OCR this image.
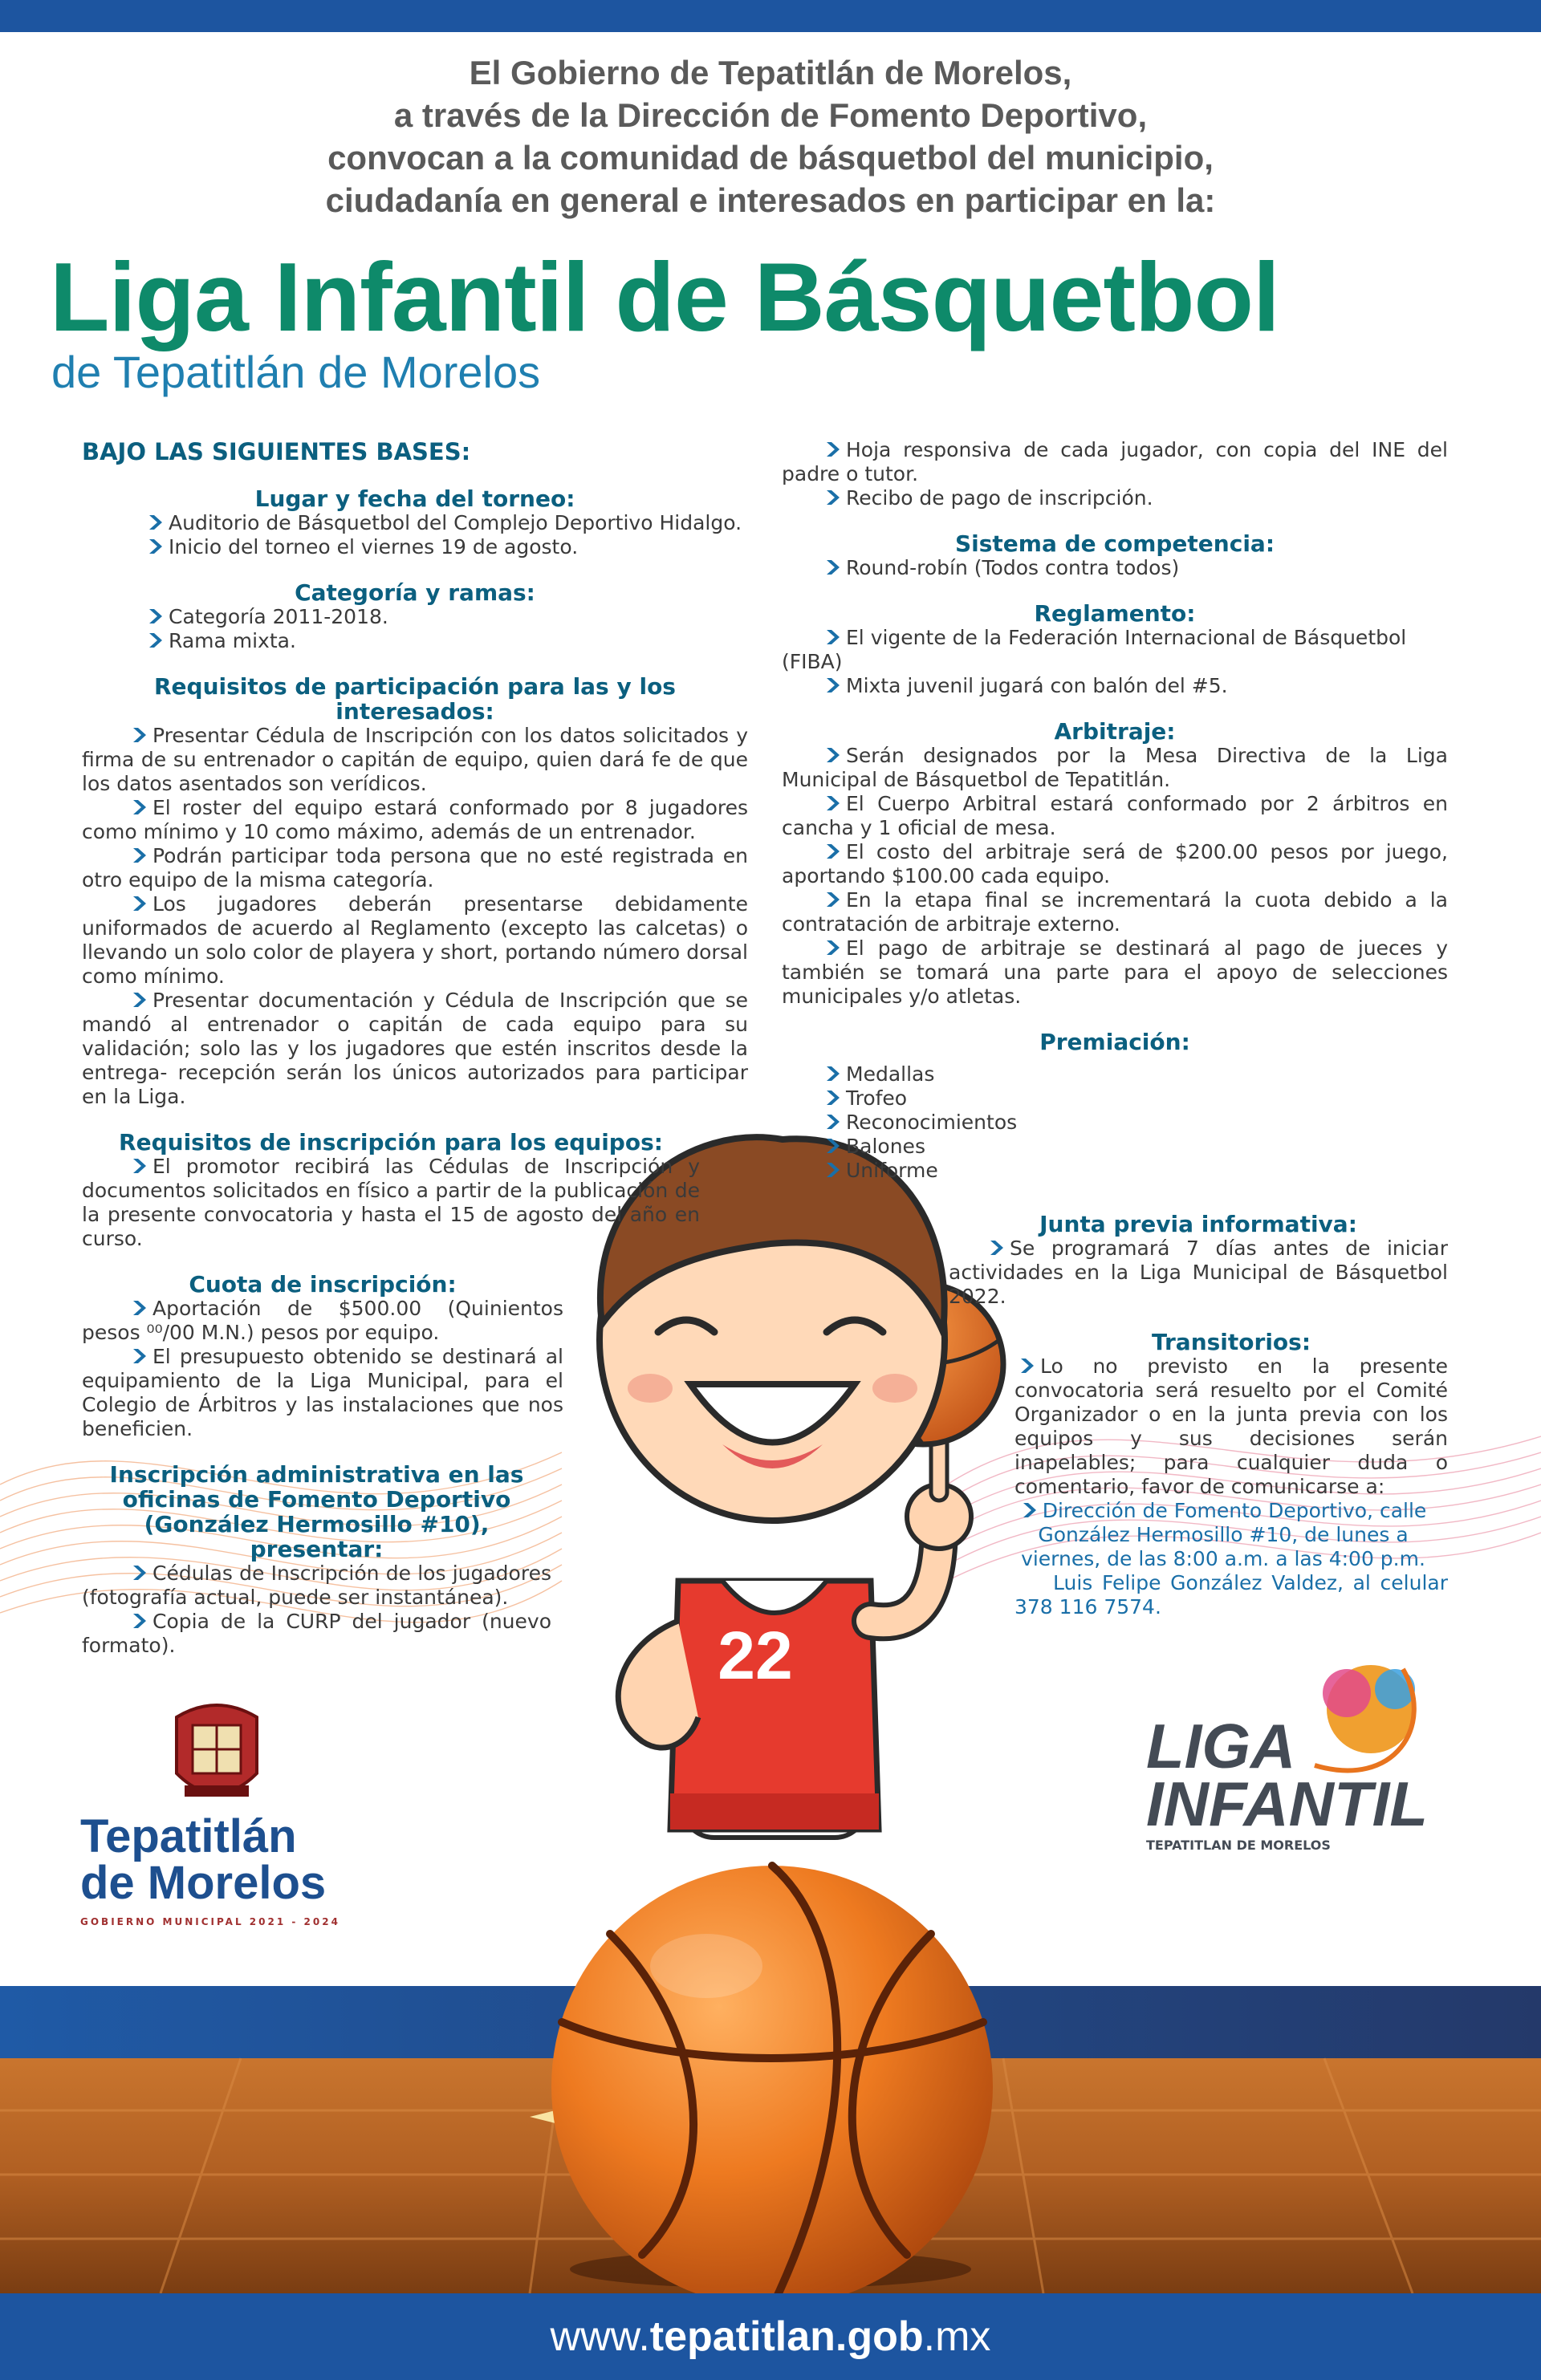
22
El Gobierno de Tepatitlán de Morelos,
a través de la Dirección de Fomento Deportivo,
convocan a la comunidad de básquetbol del municipio,
ciudadanía en general e interesados en participar en la:
Liga Infantil de Básquetbol
de Tepatitlán de Morelos
BAJO LAS SIGUIENTES BASES:
Lugar y fecha del torneo:

Auditorio de Básquetbol del Complejo Deportivo Hidalgo.

Inicio del torneo el viernes 19 de agosto.

Categoría y ramas:

Categoría 2011-2018.

Rama mixta.

Requisitos de participación para las y los interesados:

Presentar Cédula de Inscripción con los datos solicitados y firma de su entrenador o capitán de equipo, quien dará fe de que los datos asentados son verídicos.

El roster del equipo estará conformado por 8 jugadores como mínimo y 10 como máximo, además de un entrenador.

Podrán participar toda persona que no esté registrada en otro equipo de la misma categoría.

Los jugadores deberán presentarse debidamente uniformados de acuerdo al Reglamento (excepto las calcetas) o llevando un solo color de playera y short, portando número dorsal como mínimo.

Presentar documentación y Cédula de Inscripción que se mandó al entrenador o capitán de cada equipo para su validación; solo las y los jugadores que estén inscritos desde la entrega- recepción serán los únicos autorizados para participar en la Liga.

Requisitos de inscripción para los equipos:

El promotor recibirá las Cédulas de Inscripción y documentos solicitados en físico a partir de la publicación de la presente convocatoria y hasta el 15 de agosto del año en curso.

Cuota de inscripción:

Aportación de $500.00 (Quinientos pesos ⁰⁰/00 M.N.) pesos por equipo.

El presupuesto obtenido se destinará al equipamiento de la Liga Municipal, para el Colegio de Árbitros y las instalaciones que nos beneficien.

Inscripción administrativa en las
oficinas de Fomento Deportivo
(González Hermosillo #10), presentar:

Cédulas de Inscripción de los jugadores (fotografía actual, puede ser instantánea).

Copia de la CURP del jugador (nuevo formato).

Hoja responsiva de cada jugador, con copia del INE del padre o tutor.

Recibo de pago de inscripción.

Sistema de competencia:

Round-robín (Todos contra todos)

Reglamento:

El vigente de la Federación Internacional de Básquetbol (FIBA)

Mixta juvenil jugará con balón del #5.

Arbitraje:

Serán designados por la Mesa Directiva de la Liga Municipal de Básquetbol de Tepatitlán.

El Cuerpo Arbitral estará conformado por 2 árbitros en cancha y 1 oficial de mesa.

El costo del arbitraje será de $200.00 pesos por juego, aportando $100.00 cada equipo.

En la etapa final se incrementará la cuota debido a la contratación de arbitraje externo.

El pago de arbitraje se destinará al pago de jueces y también se tomará una parte para el apoyo de selecciones municipales y/o atletas.

Premiación:

Medallas

Trofeo

Reconocimientos

Balones

Uniforme

Junta previa informativa:

Se programará 7 días antes de iniciar actividades en la Liga Municipal de Básquetbol 2022.

Transitorios:

Lo no previsto en la presente convocatoria será resuelto por el Comité Organizador o en la junta previa con los equipos y sus decisiones serán inapelables; para cualquier duda o comentario, favor de comunicarse a:

Dirección de Fomento Deportivo, calle González Hermosillo #10, de lunes a viernes, de las 8:00 a.m. a las 4:00 p.m.

Luis Felipe González Valdez, al celular 378 116 7574.

Tepatitlán
de Morelos
GOBIERNO MUNICIPAL 2021 - 2024
LIGA
INFANTIL
TEPATITLAN DE MORELOS
www.tepatitlan.gob.mx
